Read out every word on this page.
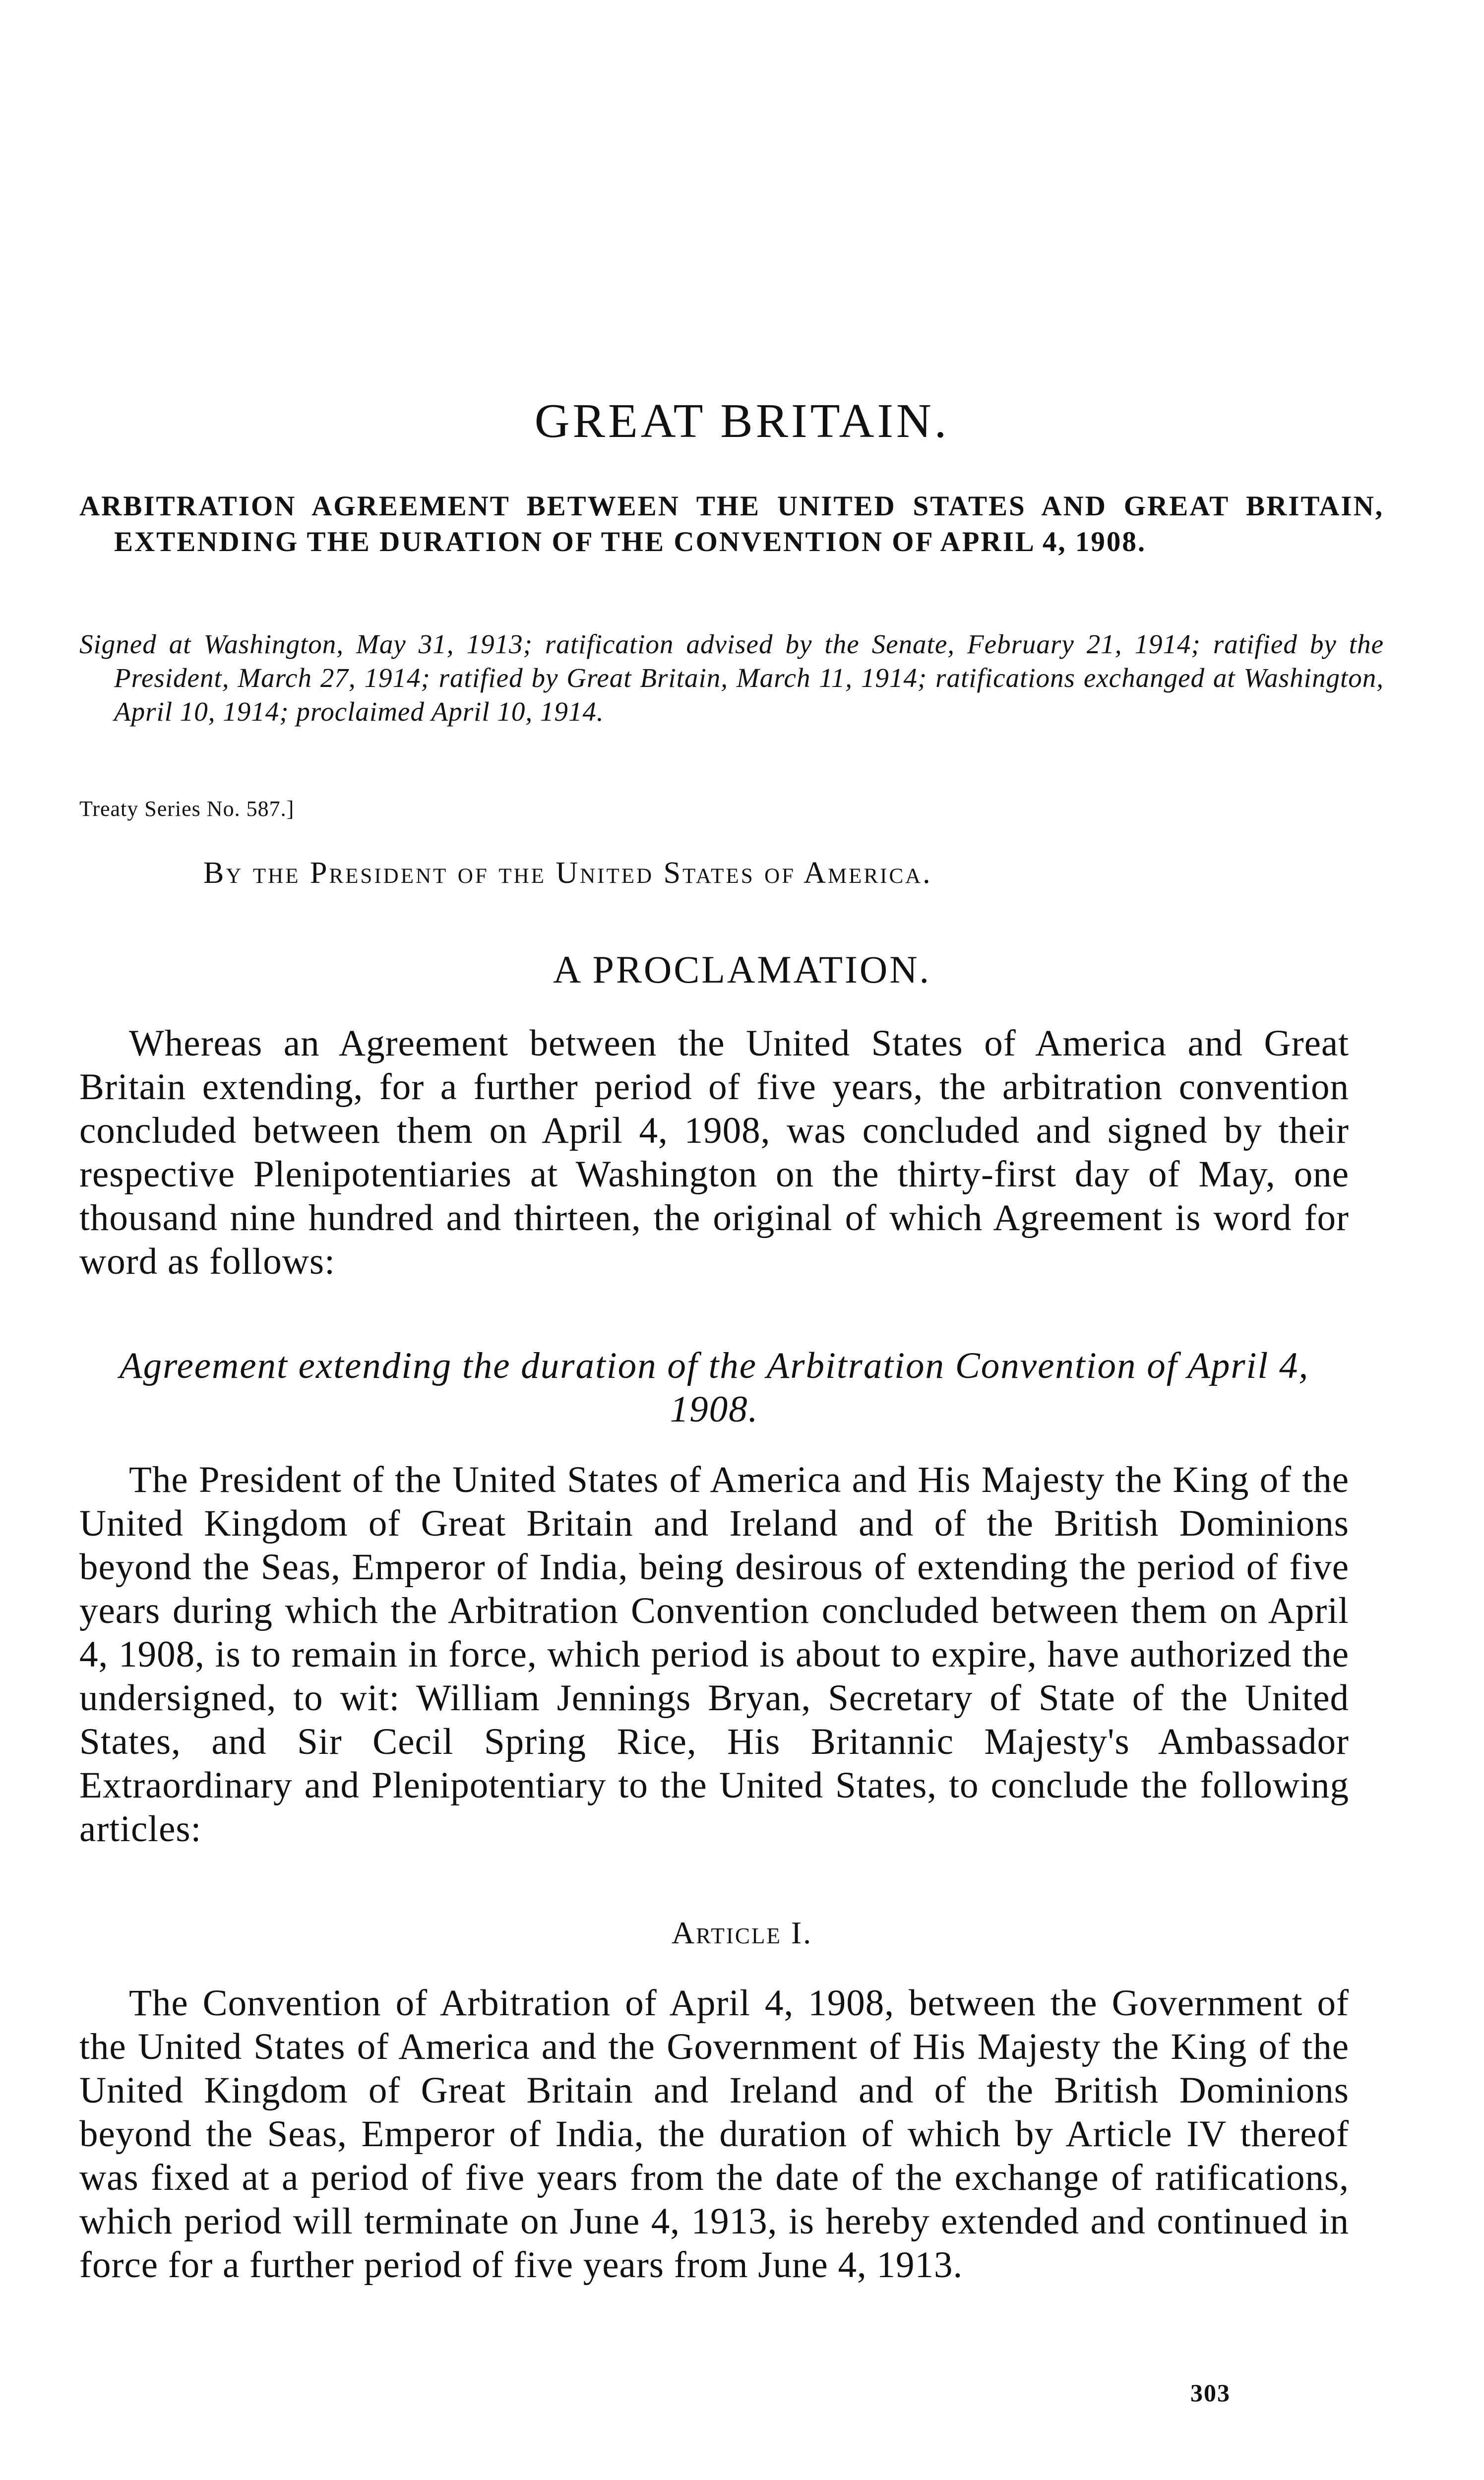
GREAT BRITAIN.
ARBITRATION AGREEMENT BETWEEN THE UNITED STATES AND GREAT BRITAIN, EXTENDING THE DURATION OF THE CONVENTION OF APRIL 4, 1908.
Signed at Washington, May 31, 1913; ratification advised by the Senate, February 21, 1914; ratified by the President, March 27, 1914; ratified by Great Britain, March 11, 1914; ratifications exchanged at Washington, April 10, 1914; proclaimed April 10, 1914.
Treaty Series No. 587.]
By the President of the United States of America.
A PROCLAMATION.
Whereas an Agreement between the United States of America and Great Britain extending, for a further period of five years, the arbitration convention concluded between them on April 4, 1908, was concluded and signed by their respective Plenipotentiaries at Washington on the thirty-first day of May, one thousand nine hundred and thirteen, the original of which Agreement is word for word as follows:
Agreement extending the duration of the Arbitration Convention of April 4, 1908.
The President of the United States of America and His Majesty the King of the United Kingdom of Great Britain and Ireland and of the British Dominions beyond the Seas, Emperor of India, being desirous of extending the period of five years during which the Arbitration Convention concluded between them on April 4, 1908, is to remain in force, which period is about to expire, have authorized the undersigned, to wit: William Jennings Bryan, Secretary of State of the United States, and Sir Cecil Spring Rice, His Britannic Majesty's Ambassador Extraordinary and Plenipotentiary to the United States, to conclude the following articles:
Article I.
The Convention of Arbitration of April 4, 1908, between the Government of the United States of America and the Government of His Majesty the King of the United Kingdom of Great Britain and Ireland and of the British Dominions beyond the Seas, Emperor of India, the duration of which by Article IV thereof was fixed at a period of five years from the date of the exchange of ratifications, which period will terminate on June 4, 1913, is hereby extended and continued in force for a further period of five years from June 4, 1913.
303
